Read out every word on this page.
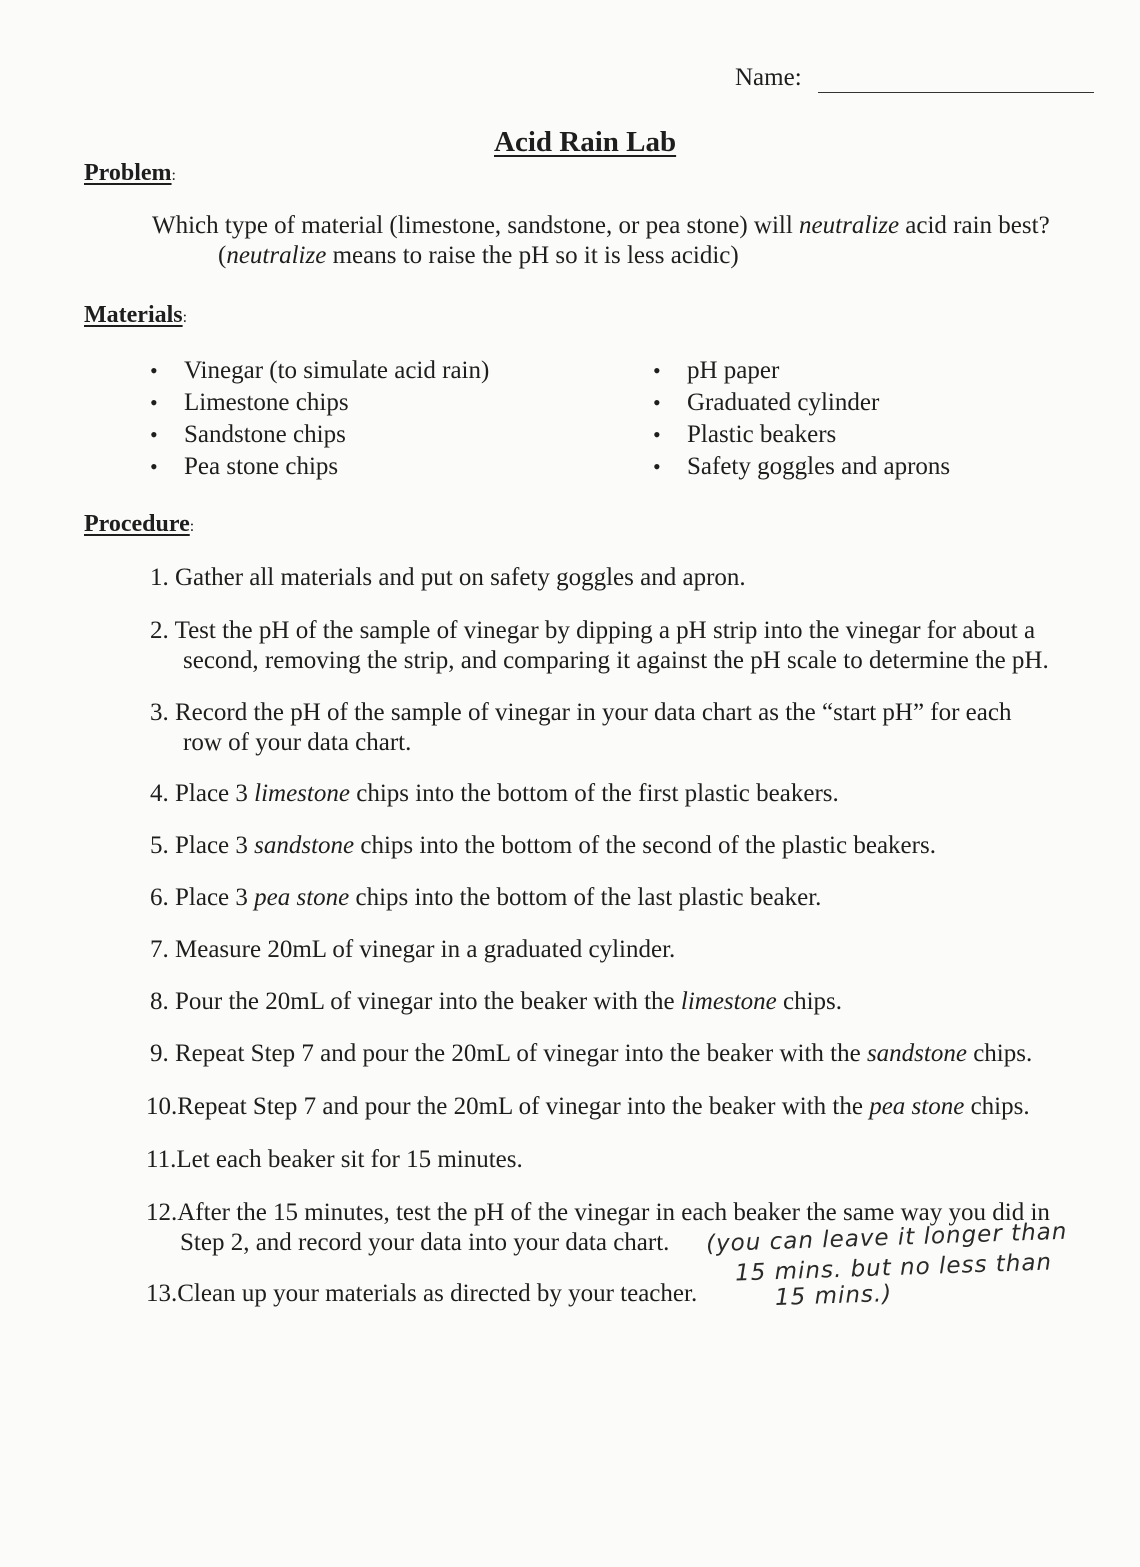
Name:
Acid Rain Lab
Problem:
Which type of material (limestone, sandstone, or pea stone) will neutralize acid rain best?
(neutralize means to raise the pH so it is less acidic)
Materials:
• Vinegar (to simulate acid rain)
• Limestone chips
• Sandstone chips
• Pea stone chips
• pH paper
• Graduated cylinder
• Plastic beakers
• Safety goggles and aprons
Procedure:
1. Gather all materials and put on safety goggles and apron.
2. Test the pH of the sample of vinegar by dipping a pH strip into the vinegar for about a
second, removing the strip, and comparing it against the pH scale to determine the pH.
3. Record the pH of the sample of vinegar in your data chart as the “start pH” for each
row of your data chart.
4. Place 3 limestone chips into the bottom of the first plastic beakers.
5. Place 3 sandstone chips into the bottom of the second of the plastic beakers.
6. Place 3 pea stone chips into the bottom of the last plastic beaker.
7. Measure 20mL of vinegar in a graduated cylinder.
8. Pour the 20mL of vinegar into the beaker with the limestone chips.
9. Repeat Step 7 and pour the 20mL of vinegar into the beaker with the sandstone chips.
10.Repeat Step 7 and pour the 20mL of vinegar into the beaker with the pea stone chips.
11.Let each beaker sit for 15 minutes.
12.After the 15 minutes, test the pH of the vinegar in each beaker the same way you did in
Step 2, and record your data into your data chart.
13.Clean up your materials as directed by your teacher.
(you can leave it longer than
15 mins. but no less than
15 mins.)
